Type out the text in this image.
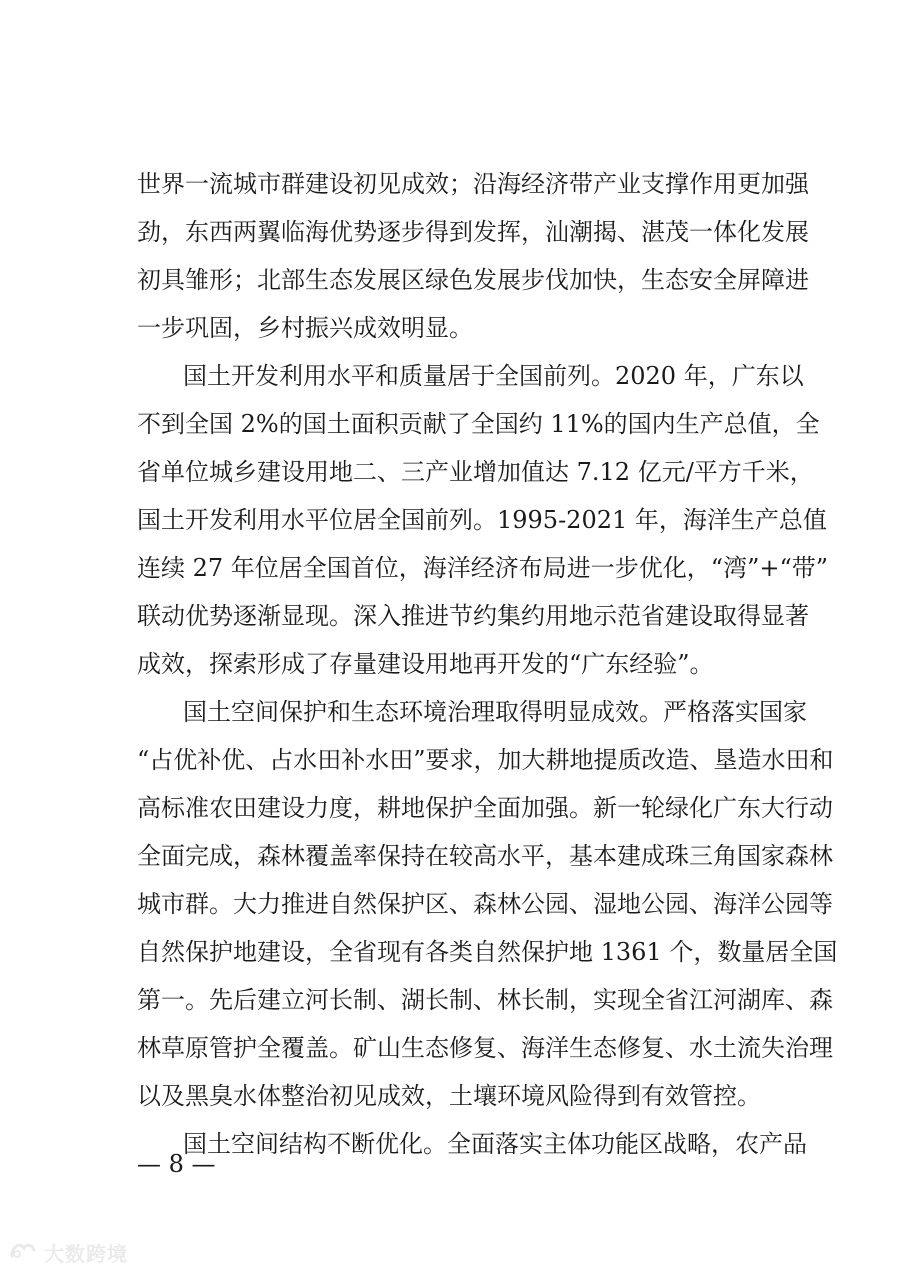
世界一流城市群建设初见成效；沿海经济带产业支撑作用更加强
劲，东西两翼临海优势逐步得到发挥，汕潮揭、湛茂一体化发展
初具雏形；北部生态发展区绿色发展步伐加快，生态安全屏障进
一步巩固，乡村振兴成效明显。
国土开发利用水平和质量居于全国前列。2020 年，广东以
不到全国 2%的国土面积贡献了全国约 11%的国内生产总值，全
省单位城乡建设用地二、三产业增加值达 7.12 亿元/平方千米，
国土开发利用水平位居全国前列。1995-2021 年，海洋生产总值
连续 27 年位居全国首位，海洋经济布局进一步优化，“湾”+“带”
联动优势逐渐显现。深入推进节约集约用地示范省建设取得显著
成效，探索形成了存量建设用地再开发的“广东经验”。
国土空间保护和生态环境治理取得明显成效。严格落实国家
“占优补优、占水田补水田”要求，加大耕地提质改造、垦造水田和
高标准农田建设力度，耕地保护全面加强。新一轮绿化广东大行动
全面完成，森林覆盖率保持在较高水平，基本建成珠三角国家森林
城市群。大力推进自然保护区、森林公园、湿地公园、海洋公园等
自然保护地建设，全省现有各类自然保护地 1361 个，数量居全国
第一。先后建立河长制、湖长制、林长制，实现全省江河湖库、森
林草原管护全覆盖。矿山生态修复、海洋生态修复、水土流失治理
以及黑臭水体整治初见成效，土壤环境风险得到有效管控。
国土空间结构不断优化。全面落实主体功能区战略，农产品
— 8 —
大数跨境
